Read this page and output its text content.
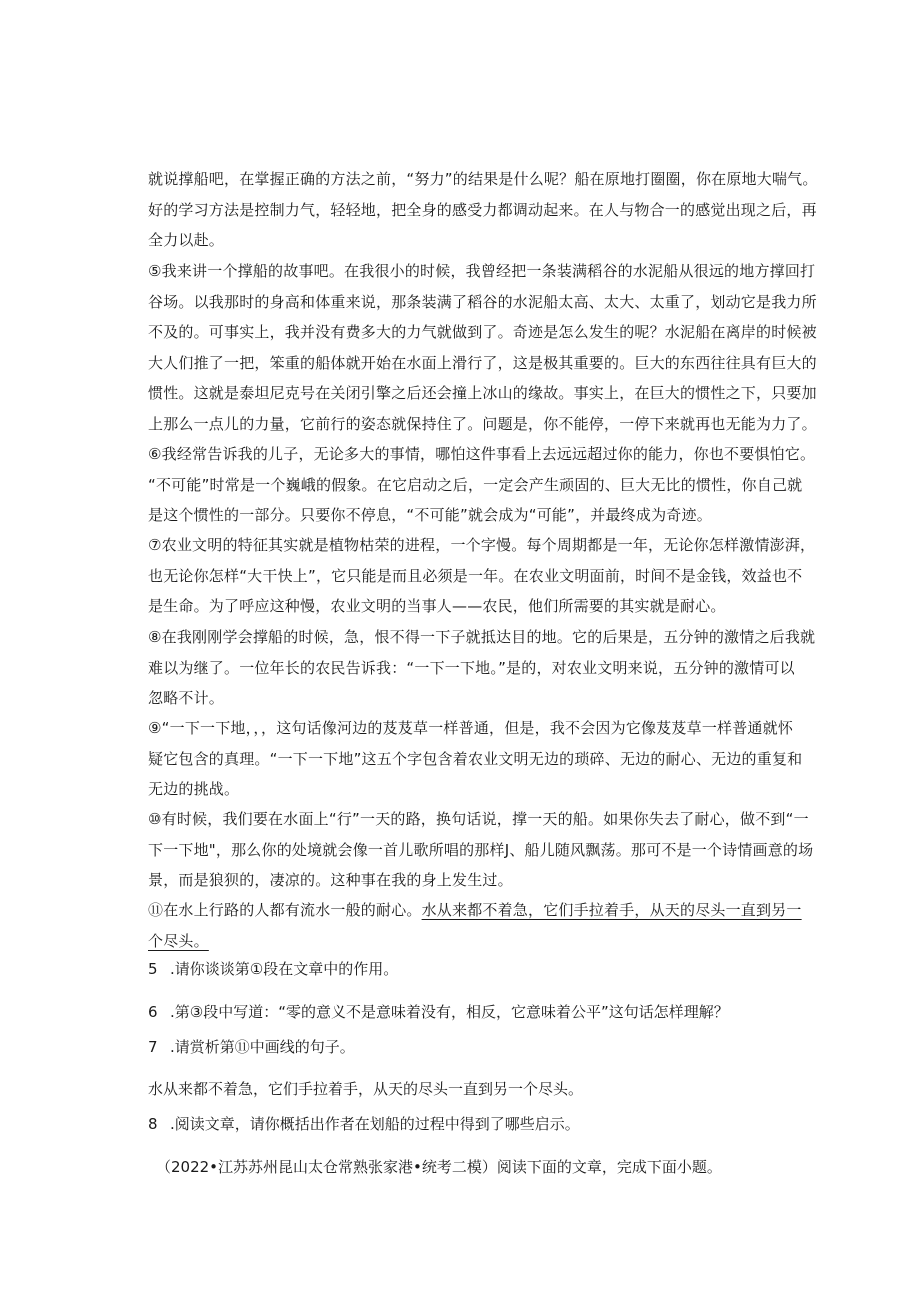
就说撑船吧，在掌握正确的方法之前，“努力”的结果是什么呢？船在原地打圈圈，你在原地大喘气。
好的学习方法是控制力气，轻轻地，把全身的感受力都调动起来。在人与物合一的感觉出现之后，再
全力以赴。
⑤我来讲一个撑船的故事吧。在我很小的时候，我曾经把一条装满稻谷的水泥船从很远的地方撑回打
谷场。以我那时的身高和体重来说，那条装满了稻谷的水泥船太高、太大、太重了，划动它是我力所
不及的。可事实上，我并没有费多大的力气就做到了。奇迹是怎么发生的呢？水泥船在离岸的时候被
大人们推了一把，笨重的船体就开始在水面上滑行了，这是极其重要的。巨大的东西往往具有巨大的
惯性。这就是泰坦尼克号在关闭引擎之后还会撞上冰山的缘故。事实上，在巨大的惯性之下，只要加
上那么一点儿的力量，它前行的姿态就保持住了。问题是，你不能停，一停下来就再也无能为力了。
⑥我经常告诉我的儿子，无论多大的事情，哪怕这件事看上去远远超过你的能力，你也不要惧怕它。
“不可能”时常是一个巍峨的假象。在它启动之后，一定会产生顽固的、巨大无比的惯性，你自己就
是这个惯性的一部分。只要你不停息，“不可能”就会成为“可能”，并最终成为奇迹。
⑦农业文明的特征其实就是植物枯荣的进程，一个字慢。每个周期都是一年，无论你怎样激情澎湃，
也无论你怎样“大干快上”，它只能是而且必须是一年。在农业文明面前，时间不是金钱，效益也不
是生命。为了呼应这种慢，农业文明的当事人——农民，他们所需要的其实就是耐心。
⑧在我刚刚学会撑船的时候，急，恨不得一下子就抵达目的地。它的后果是，五分钟的激情之后我就
难以为继了。一位年长的农民告诉我：“一下一下地。”是的，对农业文明来说，五分钟的激情可以
忽略不计。
⑨“一下一下地，，，这句话像河边的芨芨草一样普通，但是，我不会因为它像芨芨草一样普通就怀
疑它包含的真理。“一下一下地”这五个字包含着农业文明无边的琐碎、无边的耐心、无边的重复和
无边的挑战。
⑩有时候，我们要在水面上“行”一天的路，换句话说，撑一天的船。如果你失去了耐心，做不到“一
下一下地"，那么你的处境就会像一首儿歌所唱的那样J、船儿随风飘荡。那可不是一个诗情画意的场
景，而是狼狈的，凄凉的。这种事在我的身上发生过。
⑪在水上行路的人都有流水一般的耐心。水从来都不着急，它们手拉着手，从天的尽头一直到另一
个尽头。
5 .请你谈谈第①段在文章中的作用。
6 .第③段中写道：“零的意义不是意味着没有，相反，它意味着公平”这句话怎样理解？
7 .请赏析第⑪中画线的句子。
水从来都不着急，它们手拉着手，从天的尽头一直到另一个尽头。
8 .阅读文章，请你概括出作者在划船的过程中得到了哪些启示。
（2022•江苏苏州昆山太仓常熟张家港•统考二模）阅读下面的文章，完成下面小题。
